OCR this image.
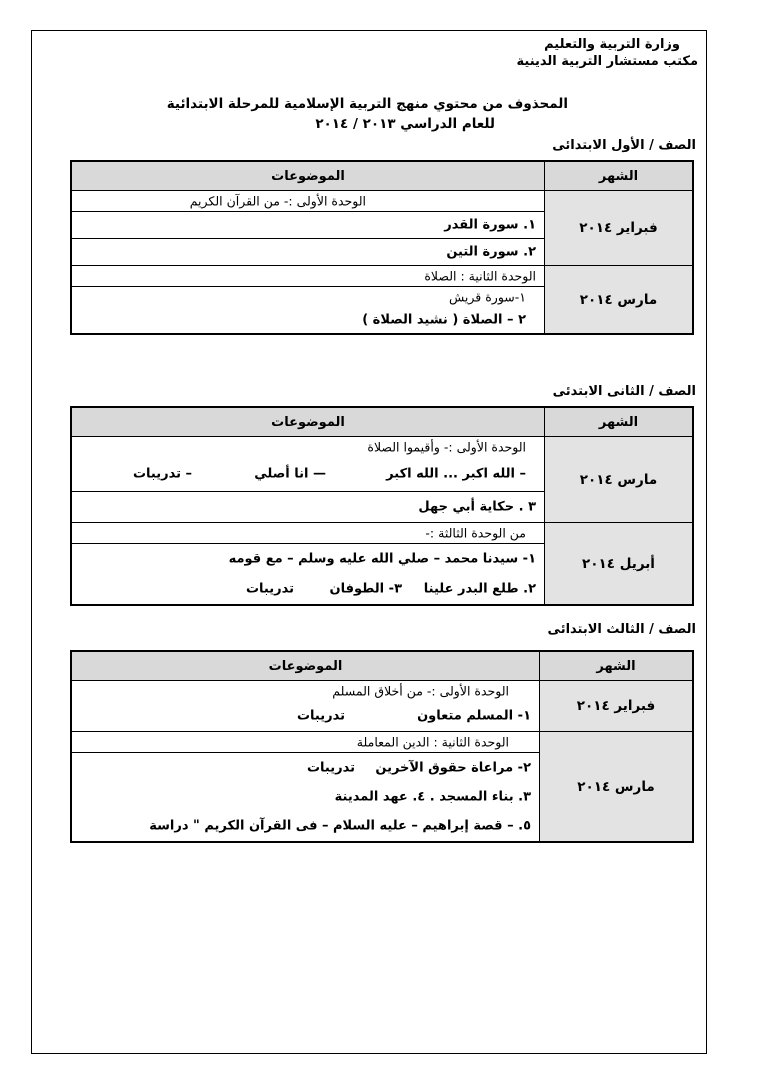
وزارة التربية والتعليم
مكتب مستشار التربية الدينية
المحذوف من محتوي منهج التربية الإسلامية للمرحلة الابتدائية
للعام الدراسي ٢٠١٣ / ٢٠١٤
الصف / الأول الابتدائى
الشهر	الموضوعات
فبراير ٢٠١٤	الوحدة الأولى :- من القرآن الكريم

	١. سورة القدر

	٢. سورة التين

مارس ٢٠١٤	الوحدة الثانية : الصلاة

	١-سورة قريش

	٢ – الصلاة ( نشيد الصلاة )
الصف / الثانى الابتدئى
الشهر	الموضوعات
مارس ٢٠١٤	الوحدة الأولى :- وأقيموا الصلاة

	– الله اكبر ... الله اكبر
— انا أصلي
– تدريبات

	٣ . حكاية أبي جهل

أبريل ٢٠١٤	من الوحدة الثالثة :-

	١- سيدنا محمد – صلي الله عليه وسلم – مع قومه

	٢. طلع البدر علينا
٣- الطوفان
تدريبات
الصف / الثالث الابتدائى
الشهر	الموضوعات
فبراير ٢٠١٤	الوحدة الأولى :- من أخلاق المسلم

	١- المسلم متعاون
تدريبات

مارس ٢٠١٤	الوحدة الثانية : الدين المعاملة

	٢- مراعاة حقوق الآخرين
تدريبات

	٣. بناء المسجد . ٤. عهد المدينة

	٥. – قصة إبراهيم – عليه السلام – فى القرآن الكريم " دراسة
